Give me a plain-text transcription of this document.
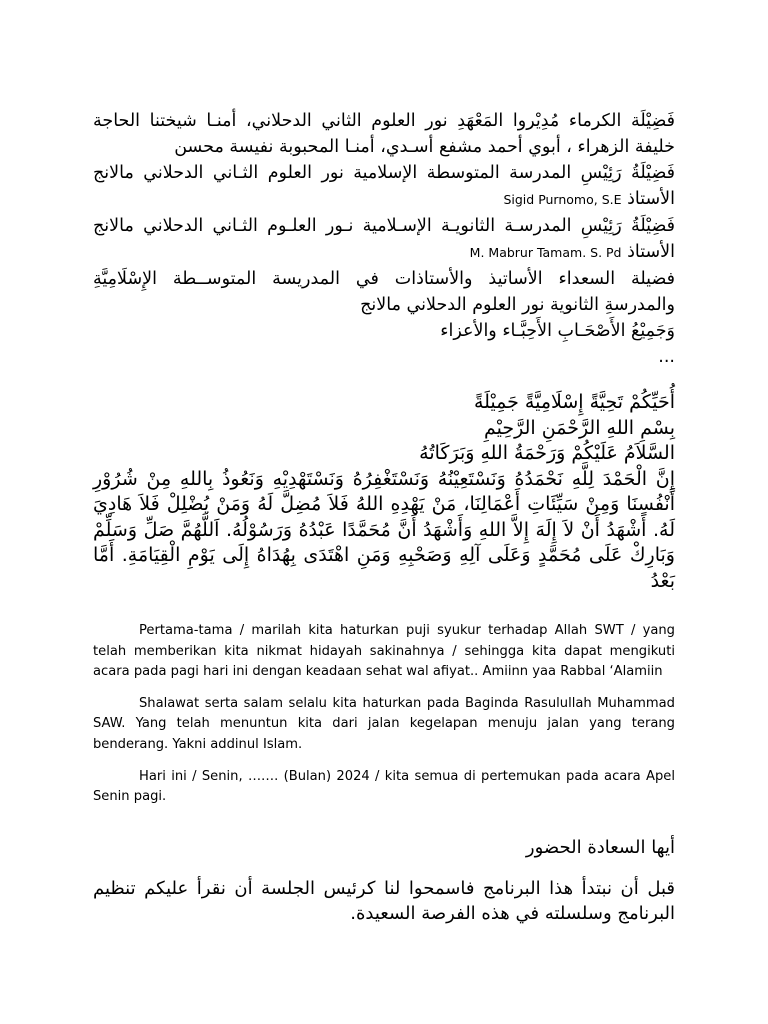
فَضِيْلَة الكرماء مُدِيْروا المَعْهَدِ نور العلوم الثاني الدحلاني، أمنـا شيختنا الحاجة خليفة الزهراء ، أبوي أحمد مشفع أسـدي، أمنـا المحبوبة نفيسة محسن

فَضِيْلَةُ رَئِيْسِ المدرسة المتوسطة الإسلامية نور العلوم الثـاني الدحلاني مالانج الأستاذ Sigid Purnomo, S.E

فَضِيْلَةُ رَئِيْسِ المدرسـة الثانويـة الإسـلامية نـور العلـوم الثـاني الدحلاني مالانج الأستاذ M. Mabrur Tamam. S. Pd

فضيلة السعداء الأساتيذ والأستاذات في المدريسة المتوســطة الإِسْلَامِيَّةِ والمدرسةِ الثانوية نور العلوم الدحلاني مالانج

وَجَمِيْعُ الأَصْحَـابِ الأَحِبَّـاء والأعزاء

...

أُحَيِّكُمْ تَحِيَّةً إِسْلَامِيَّةً جَمِيْلَةً

بِسْمِ اللهِ الرَّحْمَنِ الرَّحِيْمِ

السَّلاَمُ عَلَيْكُمْ وَرَحْمَةُ اللهِ وَبَرَكَاتُهُ

إِنَّ الْحَمْدَ لِلَّهِ نَحْمَدُهُ وَنَسْتَعِيْنُهُ وَنَسْتَغْفِرُهُ وَنَسْتَهْدِيْهِ وَنَعُوذُ بِاللهِ مِنْ شُرُوْرِ أَنْفُسِنَا وَمِنْ سَيِّئَاتِ أَعْمَالِنَا، مَنْ يَهْدِهِ اللهُ فَلاَ مُضِلَّ لَهُ وَمَنْ يُضْلِلْ فَلاَ هَادِيَ لَهُ. أَشْهَدُ أَنْ لاَ إِلَهَ إِلاَّ اللهِ وَأَشْهَدُ أَنَّ مُحَمَّدًا عَبْدُهُ وَرَسُوْلُهُ. اَللَّهُمَّ صَلِّ وَسَلِّمْ وَبَارِكْ عَلَى مُحَمَّدٍ وَعَلَى آلِهِ وَصَحْبِهِ وَمَنِ اهْتَدَى بِهُدَاهُ إِلَى يَوْمِ الْقِيَامَةِ. أَمَّا بَعْدُ

Pertama-tama / marilah kita haturkan puji syukur terhadap Allah SWT / yang telah memberikan kita nikmat hidayah sakinahnya / sehingga kita dapat mengikuti acara pada pagi hari ini dengan keadaan sehat wal afiyat.. Amiinn yaa Rabbal ‘Alamiin

Shalawat serta salam selalu kita haturkan pada Baginda Rasulullah Muhammad SAW. Yang telah menuntun kita dari jalan kegelapan menuju jalan yang terang benderang. Yakni addinul Islam.

Hari ini / Senin, ……. (Bulan) 2024 / kita semua di pertemukan pada acara Apel Senin pagi.

أيها السعادة الحضور

قبل أن نبتدأ هذا البرنامج فاسمحوا لنا كرئيس الجلسة أن نقرأ عليكم تنظيم البرنامج وسلسلته في هذه الفرصة السعيدة.
